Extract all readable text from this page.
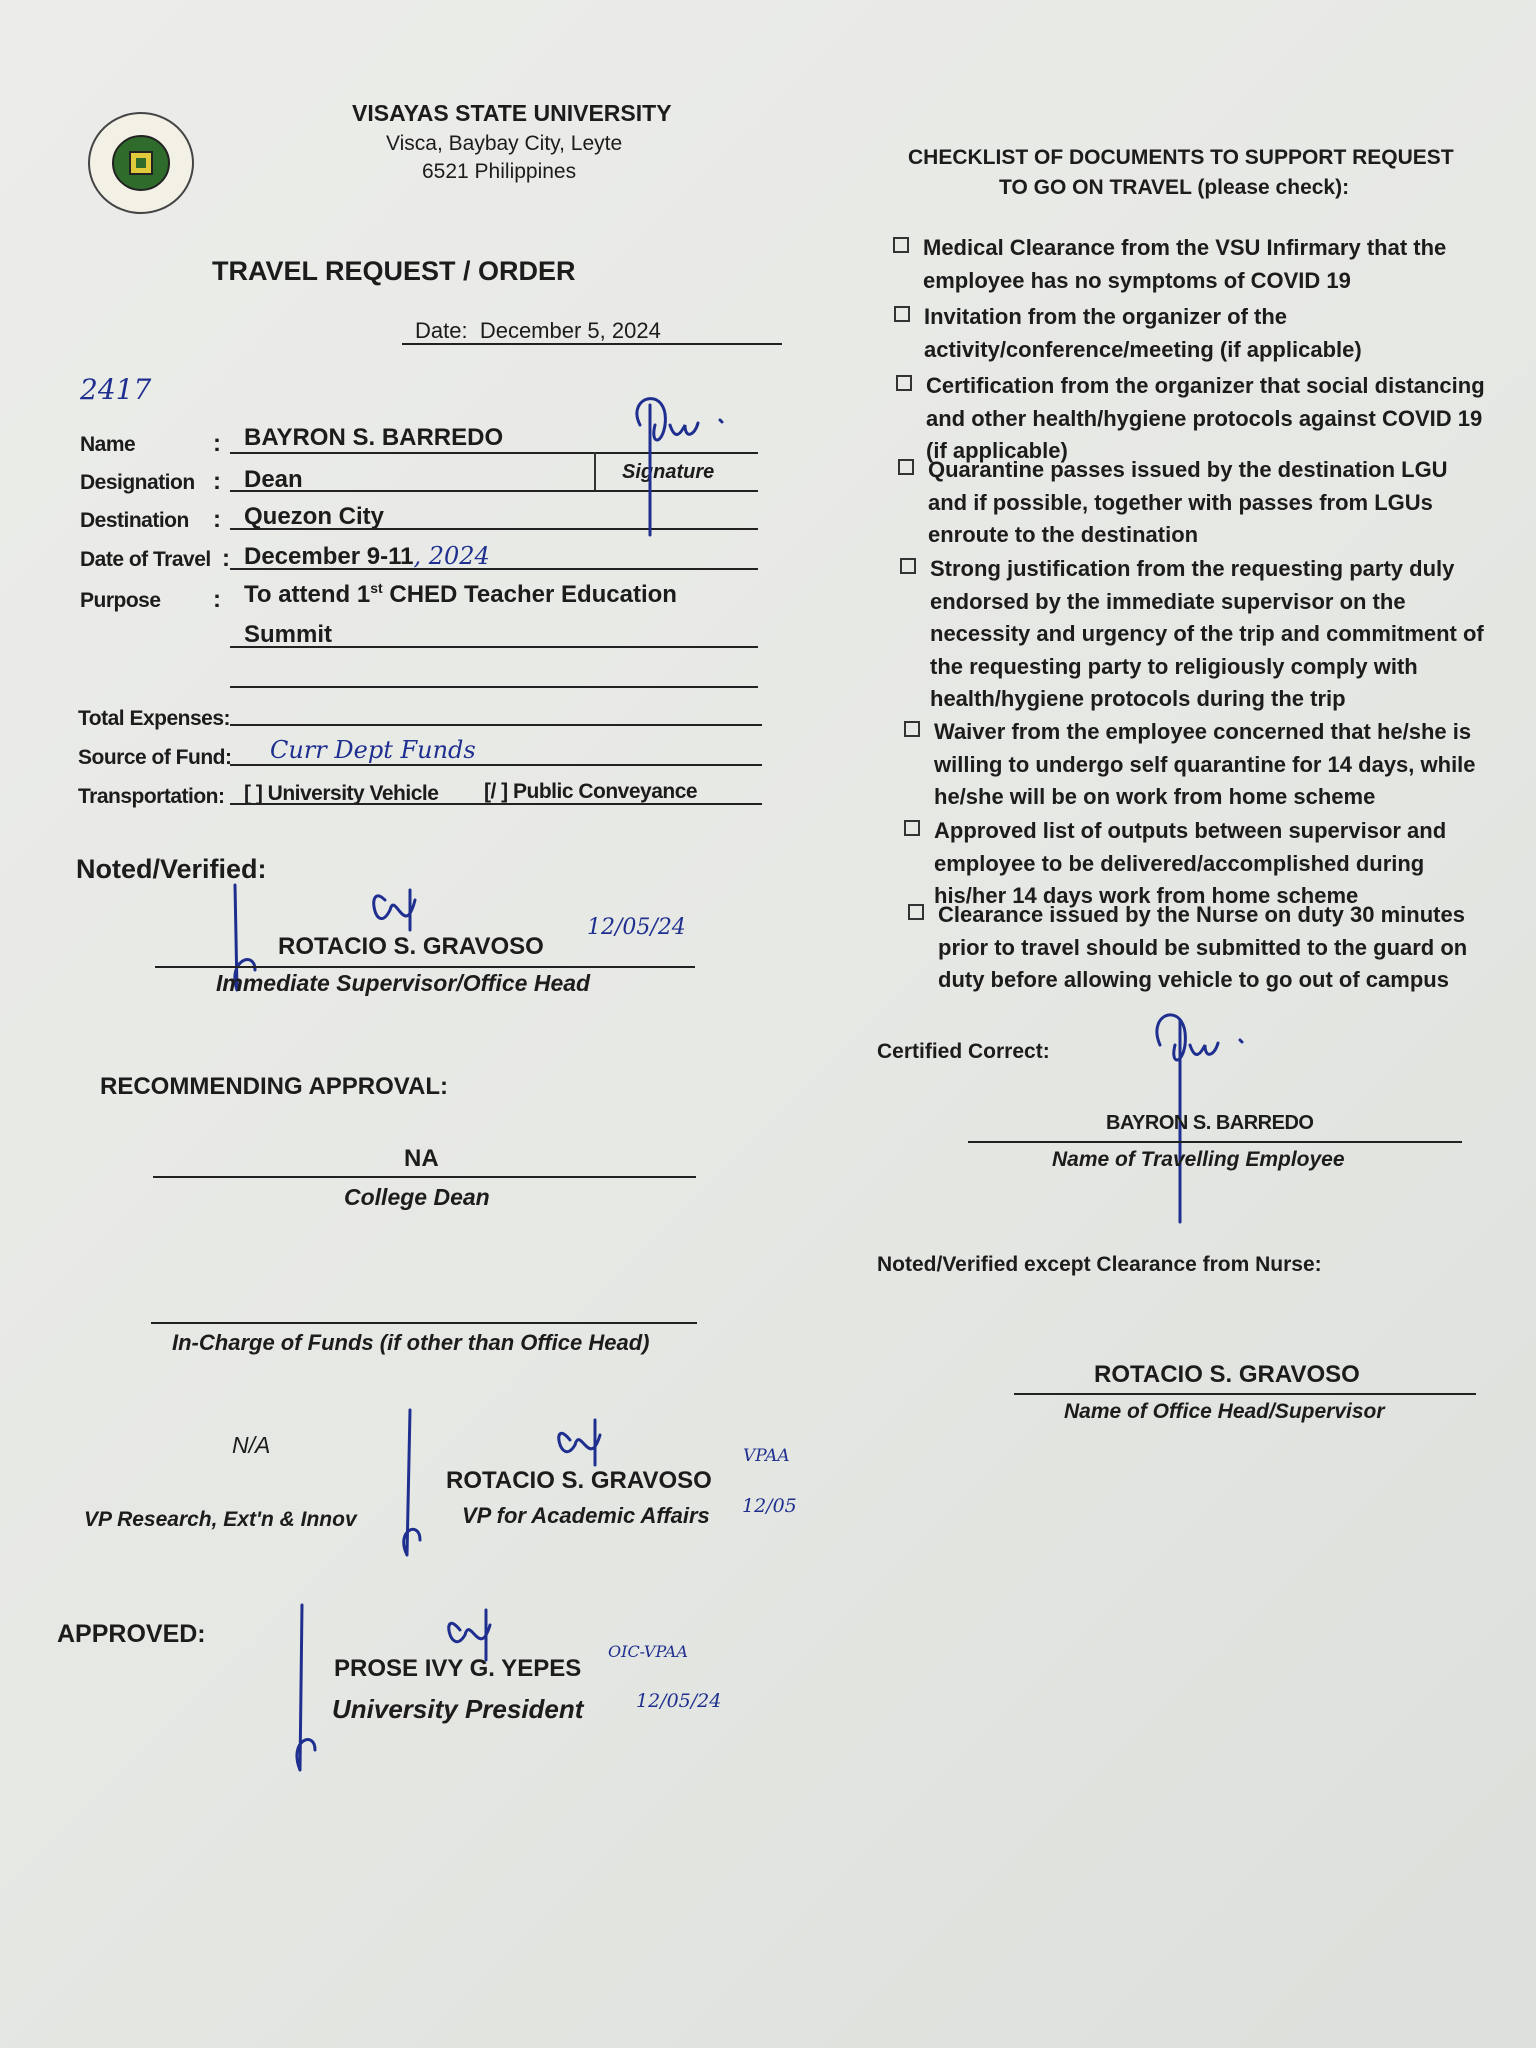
VISAYAS STATE UNIVERSITY
Visca, Baybay City, Leyte
6521 Philippines
TRAVEL REQUEST / ORDER
Date: December 5, 2024
2417
Name
Designation
Destination
Date of Travel
Purpose
:
:
:
:
:
BAYRON S. BARREDO
Signature
Dean
Quezon City
December 9-11, 2024
To attend 1st CHED Teacher Education
Summit
Total Expenses:
Source of Fund: Curr Dept Funds
Transportation: [ ] University Vehicle [/ ] Public Conveyance
Noted/Verified:
ROTACIO S. GRAVOSO
12/05/24
Immediate Supervisor/Office Head
RECOMMENDING APPROVAL:
NA
College Dean
In-Charge of Funds (if other than Office Head)
N/A
VP Research, Ext'n & Innov
ROTACIO S. GRAVOSO
VPAA
VP for Academic Affairs 12/05
APPROVED:
PROSE IVY G. YEPES
OIC-VPAA
University President	12/05/24
CHECKLIST OF DOCUMENTS TO SUPPORT REQUEST
TO GO ON TRAVEL (please check):
Medical Clearance from the VSU Infirmary that the employee has no symptoms of COVID 19
Invitation from the organizer of the activity/conference/meeting (if applicable)
Certification from the organizer that social distancing and other health/hygiene protocols against COVID 19 (if applicable)
Quarantine passes issued by the destination LGU and if possible, together with passes from LGUs enroute to the destination
Strong justification from the requesting party duly endorsed by the immediate supervisor on the necessity and urgency of the trip and commitment of the requesting party to religiously comply with health/hygiene protocols during the trip
Waiver from the employee concerned that he/she is willing to undergo self quarantine for 14 days, while he/she will be on work from home scheme
Approved list of outputs between supervisor and employee to be delivered/accomplished during his/her 14 days work from home scheme
Clearance issued by the Nurse on duty 30 minutes prior to travel should be submitted to the guard on duty before allowing vehicle to go out of campus
Certified Correct:
BAYRON S. BARREDO
Name of Travelling Employee
Noted/Verified except Clearance from Nurse:
ROTACIO S. GRAVOSO
Name of Office Head/Supervisor
